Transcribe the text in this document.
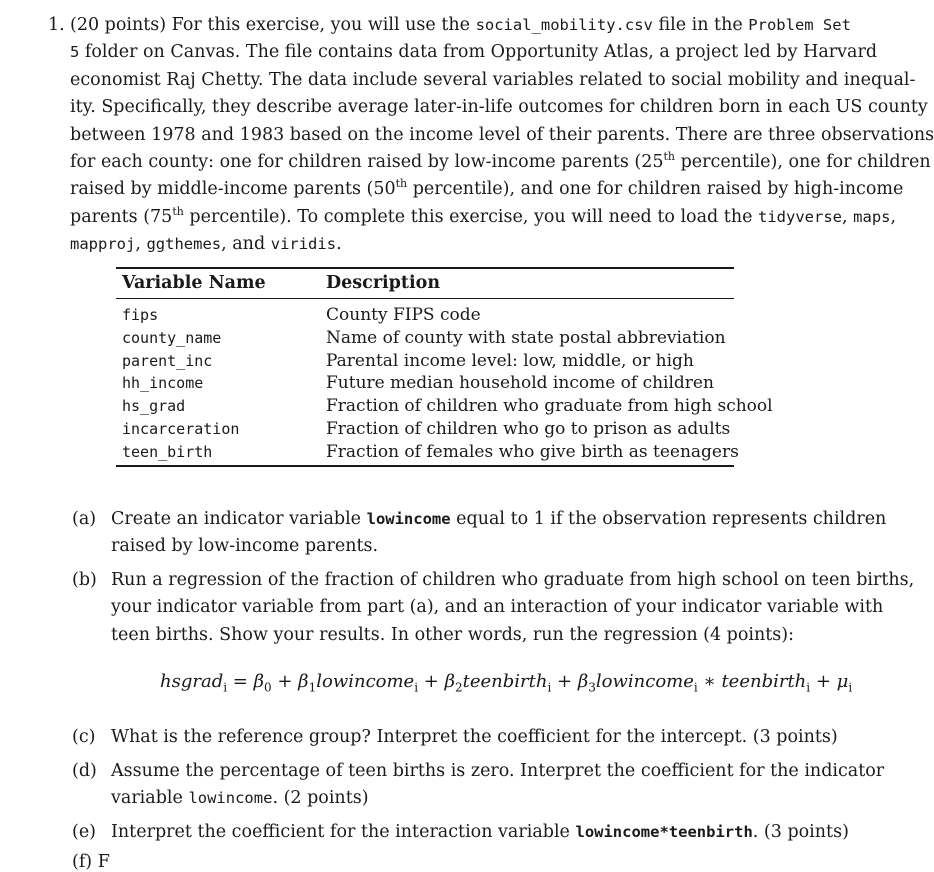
1. (20 points) For this exercise, you will use the social_mobility.csv file in the Problem Set
5 folder on Canvas. The file contains data from Opportunity Atlas, a project led by Harvard
economist Raj Chetty. The data include several variables related to social mobility and inequal-
ity. Specifically, they describe average later-in-life outcomes for children born in each US county
between 1978 and 1983 based on the income level of their parents. There are three observations
for each county: one for children raised by low-income parents (25th percentile), one for children
raised by middle-income parents (50th percentile), and one for children raised by high-income
parents (75th percentile). To complete this exercise, you will need to load the tidyverse, maps,
mapproj, ggthemes, and viridis.
Variable Name	Description
fips	County FIPS code
county_name	Name of county with state postal abbreviation
parent_inc	Parental income level: low, middle, or high
hh_income	Future median household income of children
hs_grad	Fraction of children who graduate from high school
incarceration	Fraction of children who go to prison as adults
teen_birth	Fraction of females who give birth as teenagers
(a) Create an indicator variable lowincome equal to 1 if the observation represents children
raised by low-income parents.
(b) Run a regression of the fraction of children who graduate from high school on teen births,
your indicator variable from part (a), and an interaction of your indicator variable with
teen births. Show your results. In other words, run the regression (4 points):
(c) What is the reference group? Interpret the coefficient for the intercept. (3 points)
(d) Assume the percentage of teen births is zero. Interpret the coefficient for the indicator
variable lowincome. (2 points)
(e) Interpret the coefficient for the interaction variable lowincome*teenbirth. (3 points)
hsgrad$_i$ = $\beta_0$ + $\beta_1lowincome_i$ + $\beta_2teenbirth_i$ + $\beta_3lowincome_i$ ∗ teenbirth$_i$ + $\mu_i$
(f) F
